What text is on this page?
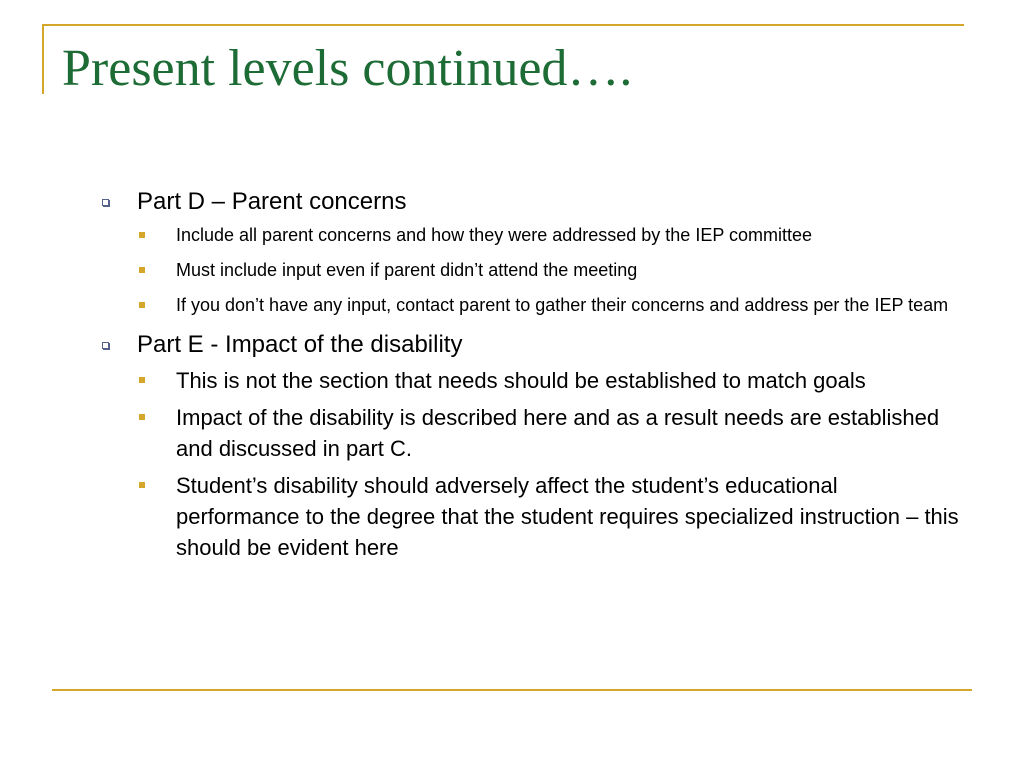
Present levels continued….
Part D – Parent concerns
Include all parent concerns and how they were addressed by the IEP committee
Must include input even if parent didn’t attend the meeting
If you don’t have any input, contact parent to gather their concerns and address per the IEP team
Part E - Impact of the disability
This is not the section that needs should be established to match goals
Impact of the disability is described here and as a result needs are established and discussed in part C.
Student’s disability should adversely affect the student’s educational performance to the degree that the student requires specialized instruction – this should be evident here
